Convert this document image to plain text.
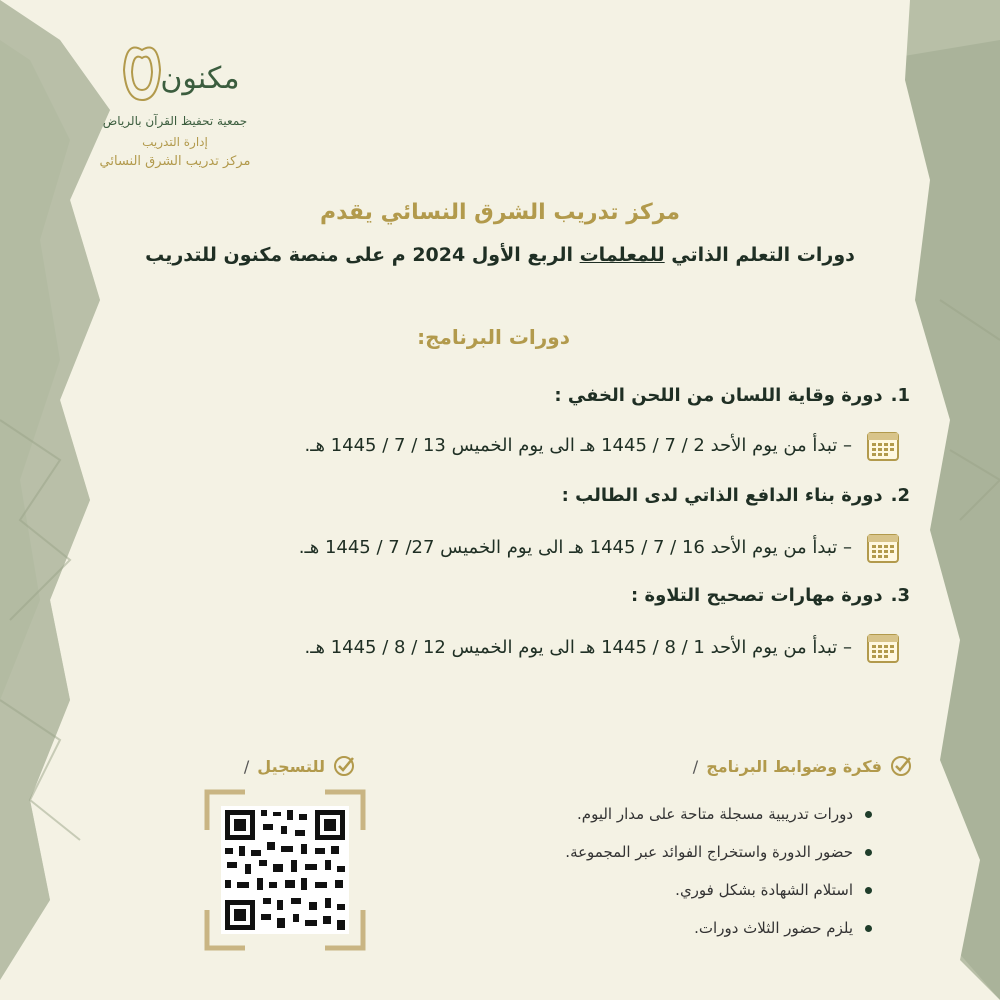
مكنون
جمعية تحفيظ القرآن بالرياض
إدارة التدريب
مركز تدريب الشرق النسائي
مركز تدريب الشرق النسائي يقدم
دورات التعلم الذاتي للمعلمات الربع الأول 2024 م على منصة مكنون للتدريب
دورات البرنامج:
1.دورة وقاية اللسان من اللحن الخفي :
– تبدأ من يوم الأحد 2 / 7 / 1445 هـ الى يوم الخميس 13 / 7 / 1445 هـ.
2.دورة بناء الدافع الذاتي لدى الطالب :
– تبدأ من يوم الأحد 16 / 7 / 1445 هـ الى يوم الخميس 27/ 7 / 1445 هـ.
3.دورة مهارات تصحيح التلاوة :
– تبدأ من يوم الأحد 1 / 8 / 1445 هـ الى يوم الخميس 12 / 8 / 1445 هـ.
فكرة وضوابط البرنامج
/
دورات تدريبية مسجلة متاحة على مدار اليوم.
حضور الدورة واستخراج الفوائد عبر المجموعة.
استلام الشهادة بشكل فوري.
يلزم حضور الثلاث دورات.
للتسجيل
/
